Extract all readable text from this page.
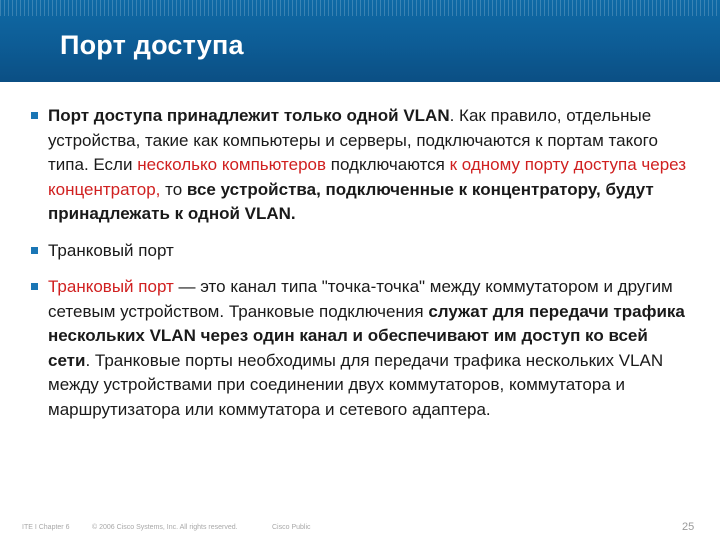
Порт доступа
Порт доступа принадлежит только одной VLAN. Как правило, отдельные устройства, такие как компьютеры и серверы, подключаются к портам такого типа. Если несколько компьютеров подключаются к одному порту доступа через концентратор, то все устройства, подключенные к концентратору, будут принадлежать к одной VLAN.
Транковый порт
Транковый порт — это канал типа "точка-точка" между коммутатором и другим сетевым устройством. Транковые подключения служат для передачи трафика нескольких VLAN через один канал и обеспечивают им доступ ко всей сети. Транковые порты необходимы для передачи трафика нескольких VLAN между устройствами при соединении двух коммутаторов, коммутатора и маршрутизатора или коммутатора и сетевого адаптера.
ITE I Chapter 6	© 2006 Cisco Systems, Inc. All rights reserved.	Cisco Public	25
